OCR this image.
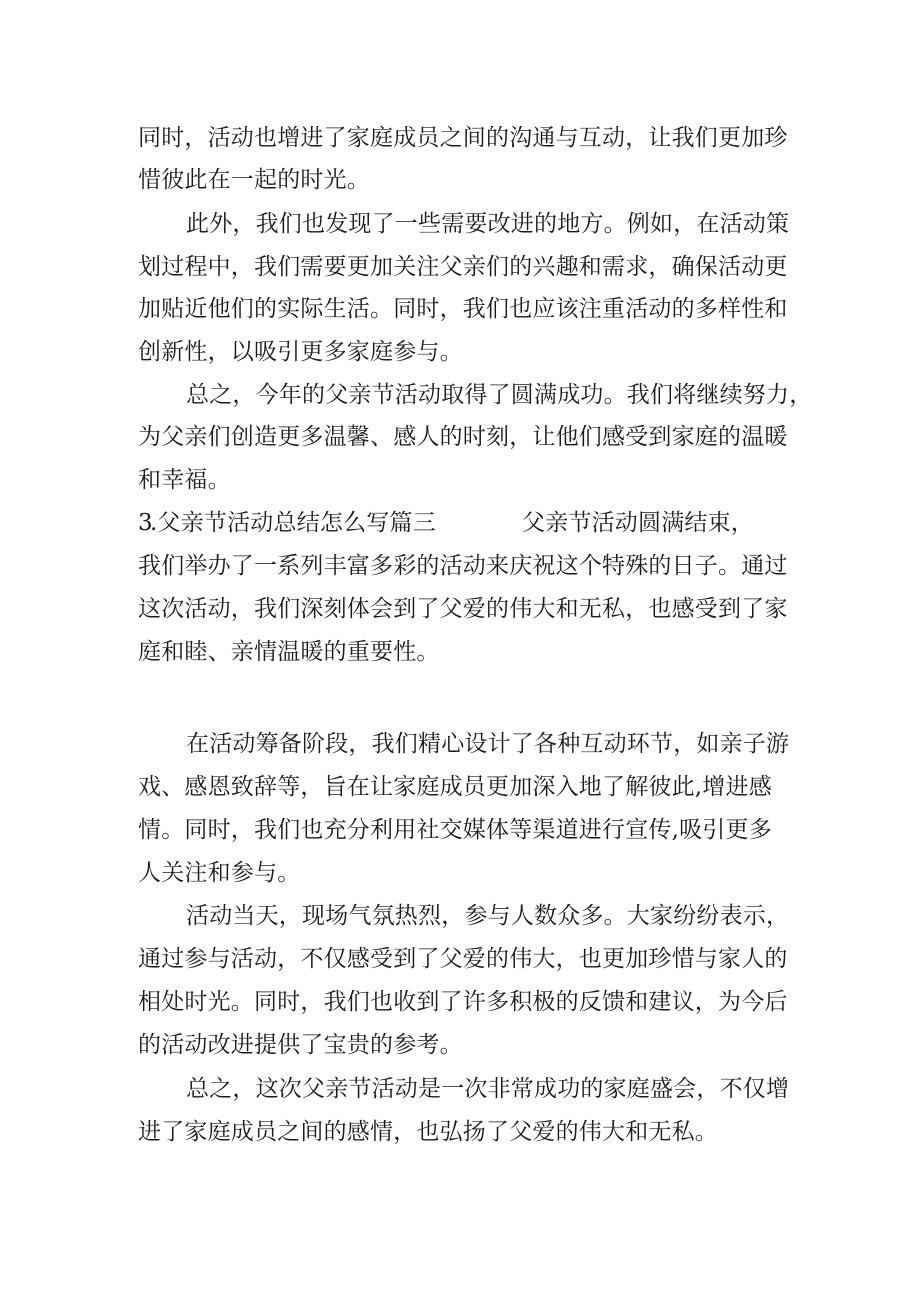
同时，活动也增进了家庭成员之间的沟通与互动，让我们更加珍
惜彼此在一起的时光。
此外，我们也发现了一些需要改进的地方。例如，在活动策
划过程中，我们需要更加关注父亲们的兴趣和需求，确保活动更
加贴近他们的实际生活。同时，我们也应该注重活动的多样性和
创新性，以吸引更多家庭参与。
总之，今年的父亲节活动取得了圆满成功。我们将继续努力，
为父亲们创造更多温馨、感人的时刻，让他们感受到家庭的温暖
和幸福。
3
.父亲节活动总结怎么写篇三	父亲节活动圆满结束，
我们举办了一系列丰富多彩的活动来庆祝这个特殊的日子。通过
这次活动，我们深刻体会到了父爱的伟大和无私，也感受到了家
庭和睦、亲情温暖的重要性。
在活动筹备阶段，我们精心设计了各种互动环节，如亲子游
戏、感恩致辞等，旨在让家庭成员更加深入地了解彼此,增进感
情。同时，我们也充分利用社交媒体等渠道进行宣传,吸引更多
人关注和参与。
活动当天，现场气氛热烈，参与人数众多。大家纷纷表示，
通过参与活动，不仅感受到了父爱的伟大，也更加珍惜与家人的
相处时光。同时，我们也收到了许多积极的反馈和建议，为今后
的活动改进提供了宝贵的参考。
总之，这次父亲节活动是一次非常成功的家庭盛会，不仅增
进了家庭成员之间的感情，也弘扬了父爱的伟大和无私。
